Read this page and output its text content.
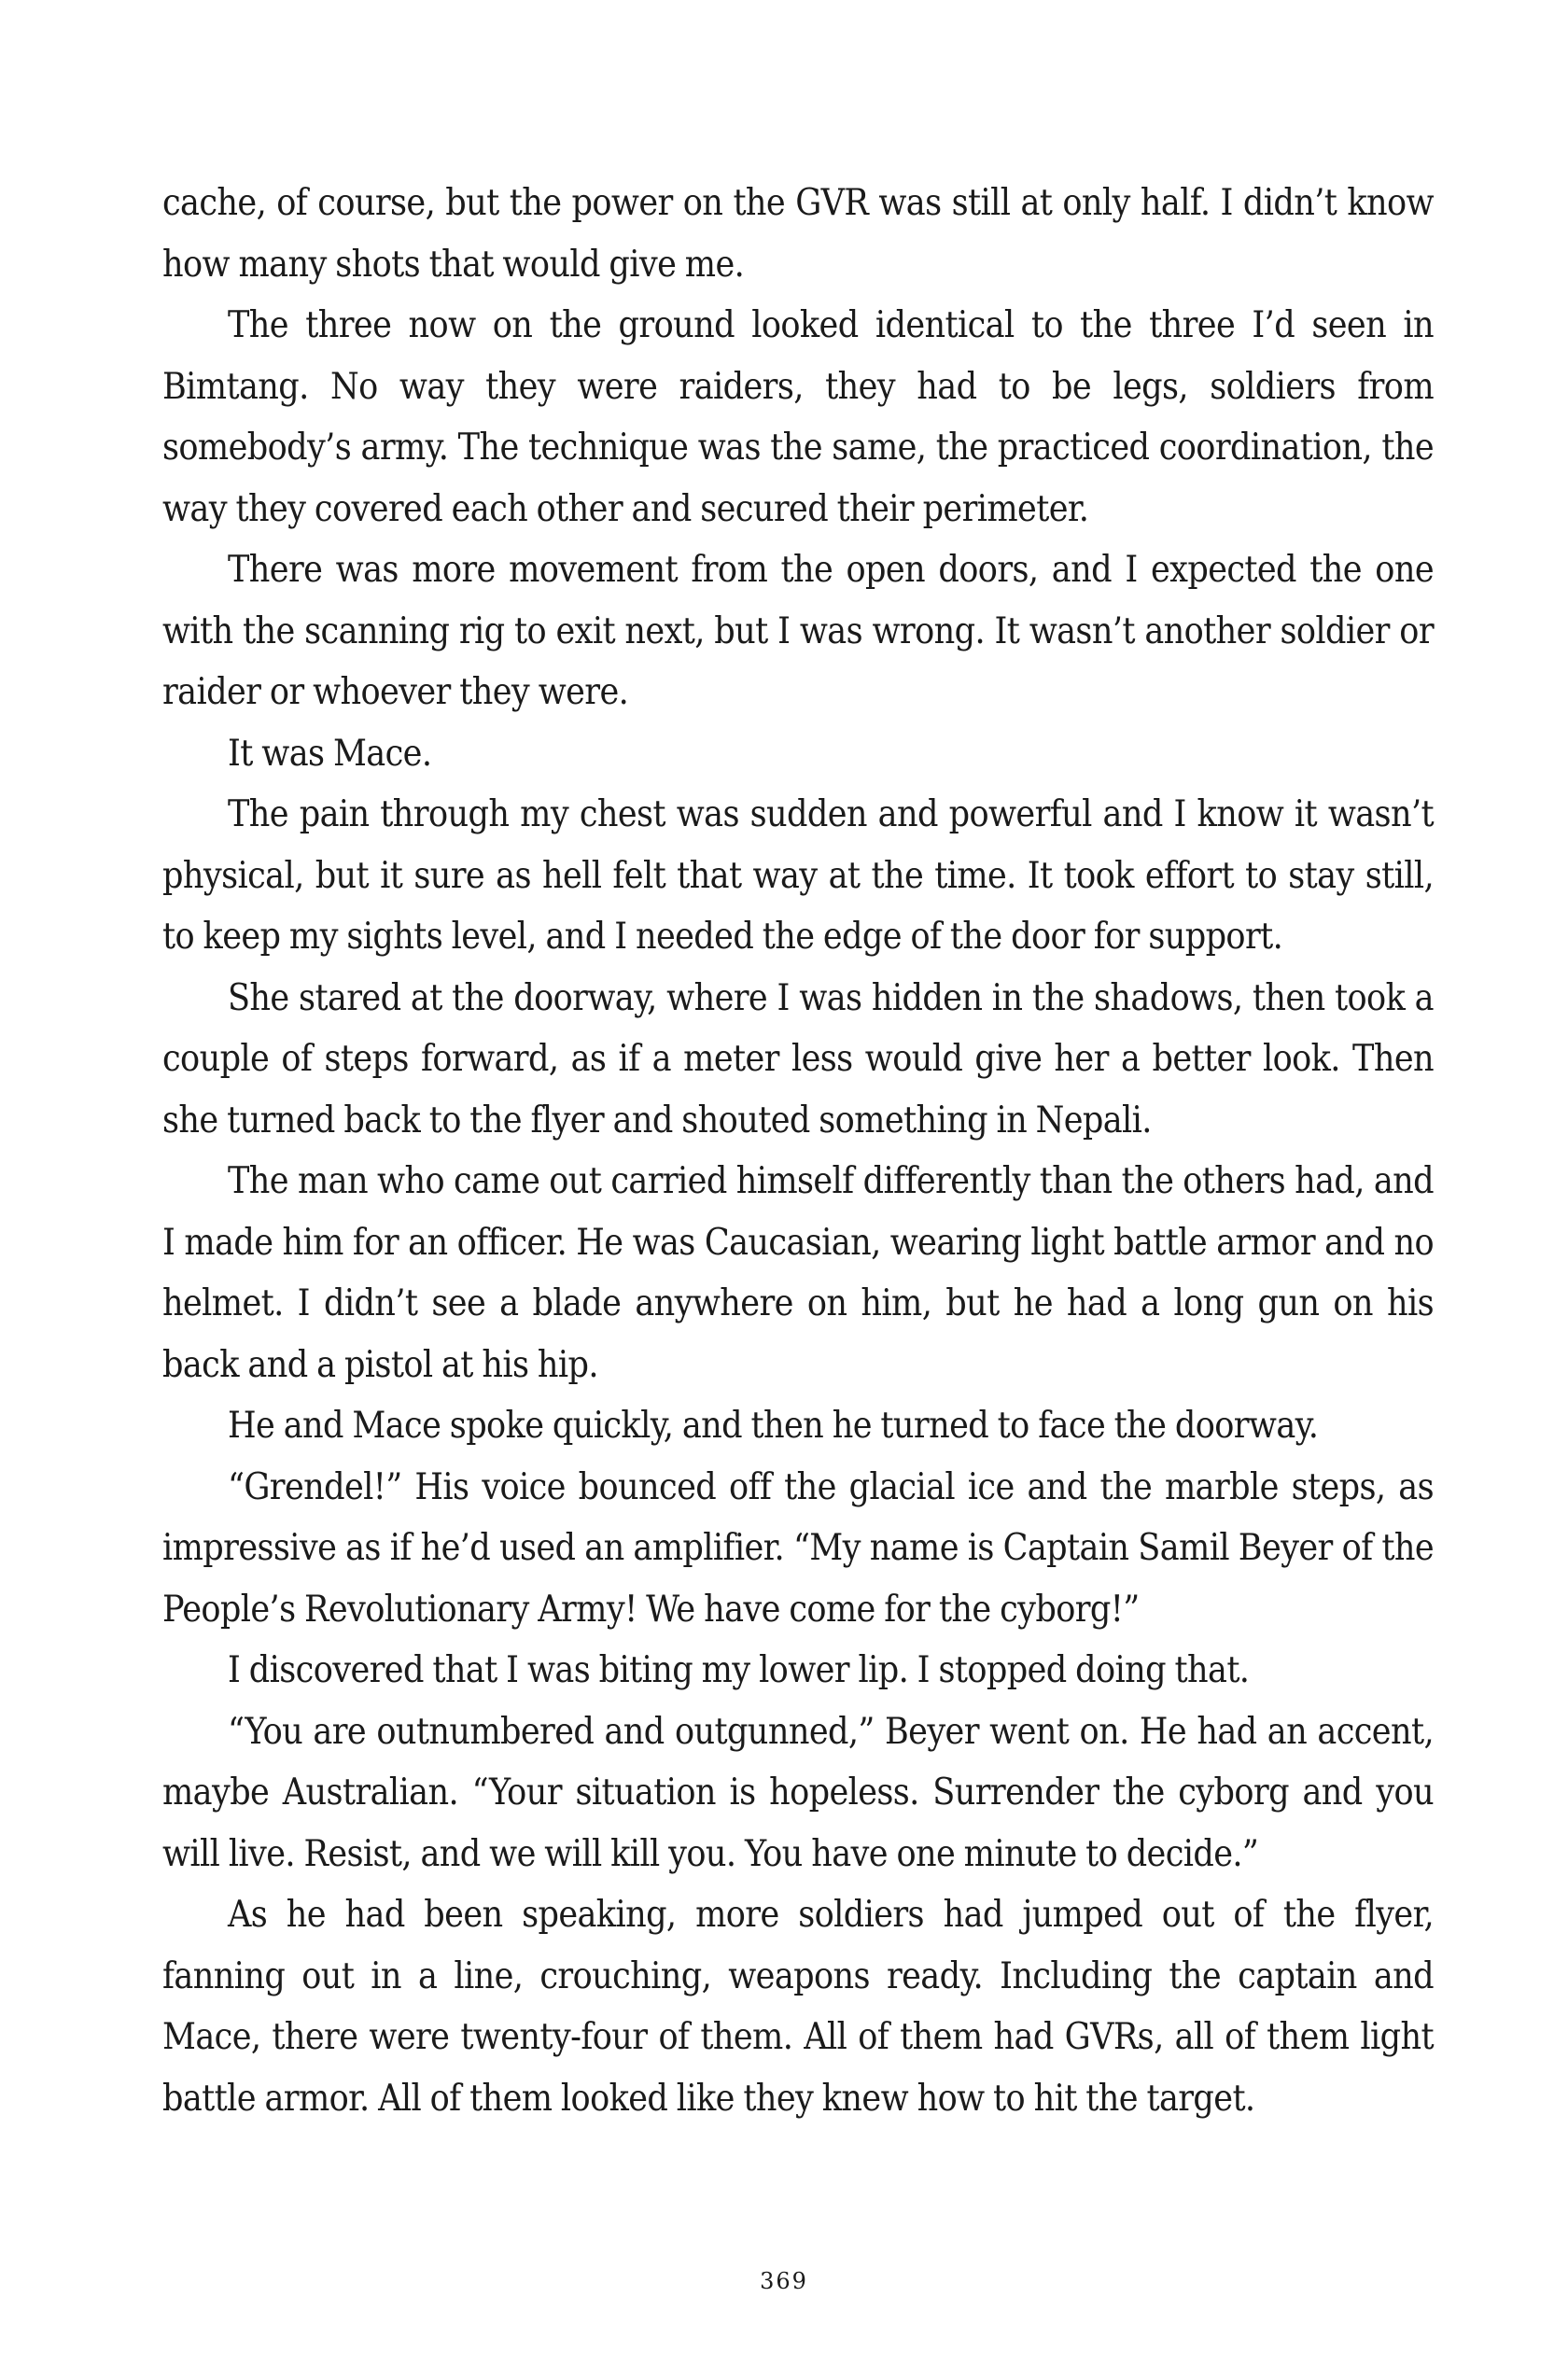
cache, of course, but the power on the GVR was still at only half. I didn’t know how many shots that would give me.

The three now on the ground looked identical to the three I’d seen in Bimtang. No way they were raiders, they had to be legs, soldiers from somebody’s army. The technique was the same, the practiced coordination, the way they covered each other and secured their perimeter.

There was more movement from the open doors, and I expected the one with the scanning rig to exit next, but I was wrong. It wasn’t another soldier or raider or whoever they were.

It was Mace.

The pain through my chest was sudden and powerful and I know it wasn’t physical, but it sure as hell felt that way at the time. It took effort to stay still, to keep my sights level, and I needed the edge of the door for support.

She stared at the doorway, where I was hidden in the shadows, then took a couple of steps forward, as if a meter less would give her a better look. Then she turned back to the flyer and shouted something in Nepali.

The man who came out carried himself differently than the others had, and I made him for an officer. He was Caucasian, wearing light battle armor and no helmet. I didn’t see a blade anywhere on him, but he had a long gun on his back and a pistol at his hip.

He and Mace spoke quickly, and then he turned to face the doorway.

“Grendel!” His voice bounced off the glacial ice and the marble steps, as impressive as if he’d used an amplifier. “My name is Captain Samil Beyer of the People’s Revolutionary Army! We have come for the cyborg!”

I discovered that I was biting my lower lip. I stopped doing that.

“You are outnumbered and outgunned,” Beyer went on. He had an accent, maybe Australian. “Your situation is hopeless. Surrender the cyborg and you will live. Resist, and we will kill you. You have one minute to decide.”

As he had been speaking, more soldiers had jumped out of the flyer, fanning out in a line, crouching, weapons ready. Including the captain and Mace, there were twenty-four of them. All of them had GVRs, all of them light battle armor. All of them looked like they knew how to hit the target.

369
